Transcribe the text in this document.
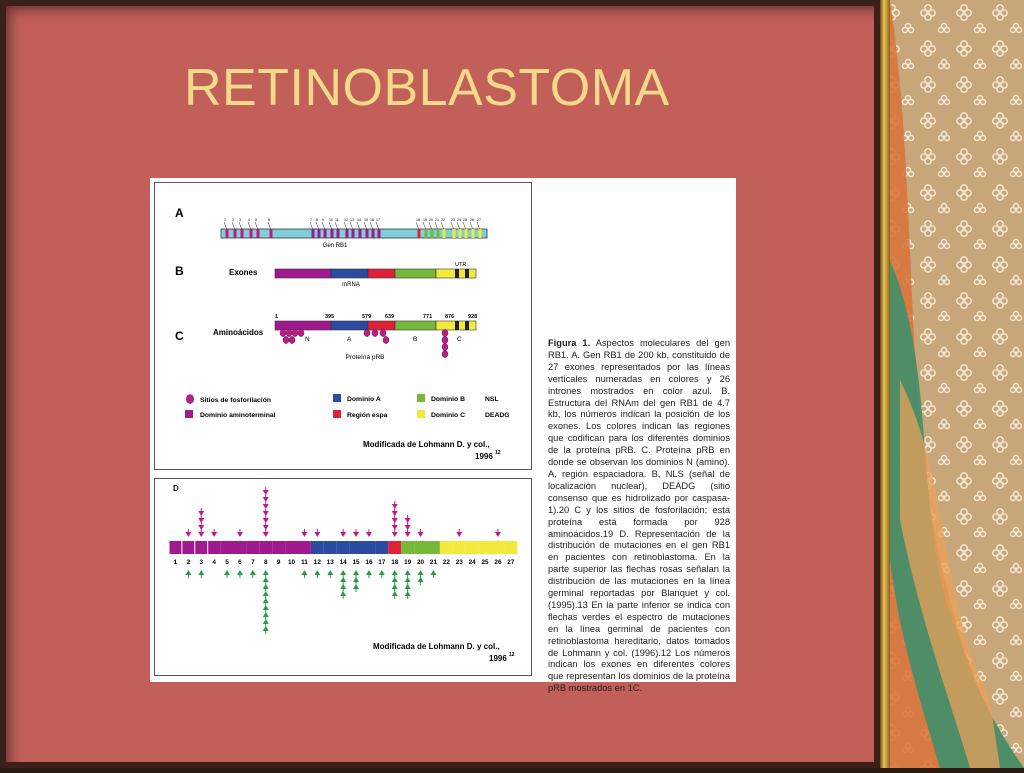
RETINOBLASTOMA
A	1 2 3 4 5	6	7 8 9 10 11 12 13 14 15 16 17	18 19 20 21 22 23 24 25 26 27
Gen RB1
B	Exones
UTR
mRNA
C	Aminoácidos
1	395	579	639	771 876	928
N	A	B	C
Proteína pRB
Sitios de fosforilación
Dominio aminoterminal
Dominio A
Región espa
Dominio B	NSL
Dominio C	DEADG
Modificada de Lohmann D. y col.,
1996 12
D
1 2 3 4 5 6 7 8 9 10 11 12 13 14 15 16 17 18 19 20 21 22 23 24 25 26 27
Modificada de Lohmann D. y col.,
1996 12
Figura 1. Aspectos moleculares del gen RB1. A. Gen RB1 de 200 kb, constituido de 27 exones representados por las líneas verticales numeradas en colores y 26 intrones mostrados en color azul. B. Estructura del RNAm del gen RB1 de 4.7 kb, los números indican la posición de los exones. Los colores indican las regiones que codifican para los diferentes dominios de la proteína pRB. C. Proteína pRB en donde se observan los dominios N (amino). A, región espaciadora. B, NLS (señal de localización nuclear), DEADG (sitio consenso que es hidrolizado por caspasa-1).20 C y los sitios de fosforilación; esta proteína está formada por 928 aminoácidos.19 D. Representación de la distribución de mutaciones en el gen RB1 en pacientes con retinoblastoma. En la parte superior las flechas rosas señalan la distribución de las mutaciones en la línea germinal reportadas por Blanquet y col. (1995).13 En la parte inferior se indica con flechas verdes el espectro de mutaciones en la línea germinal de pacientes con retinoblastoma hereditario, datos tomados de Lohmann y col. (1996).12 Los números indican los exones en diferentes colores que representan los dominios de la proteína pRB mostrados en 1C.
